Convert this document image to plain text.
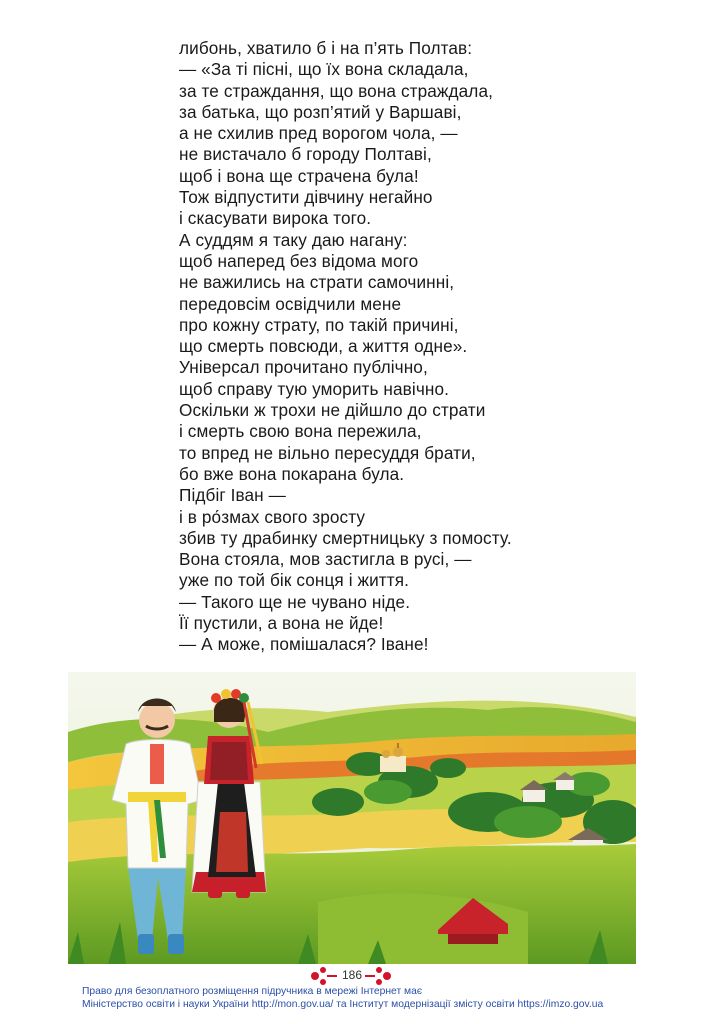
либонь, хватило б і на п’ять Полтав:
— «За ті пісні, що їх вона складала,
за те страждання, що вона страждала,
за батька, що розп’ятий у Варшаві,
а не схилив пред ворогом чола, —
не вистачало б городу Полтаві,
щоб і вона ще страчена була!
Тож відпустити дівчину негайно
і скасувати вирока того.
А суддям я таку даю нагану:
щоб наперед без відома мого
не важились на страти самочинні,
передовсім освідчили мене
про кожну страту, по такій причині,
що смерть повсюди, а життя одне».
Універсал прочитано публічно,
щоб справу тую уморить навічно.
Оскільки ж трохи не дійшло до страти
і смерть свою вона пережила,
то впред не вільно пересуддя брати,
бо вже вона покарана була.
Підбіг Іван —
і в ро́змах свого зросту
збив ту драбинку смертницьку з помосту.
Вона стояла, мов застигла в русі, —
уже по той бік сонця і життя.
— Такого ще не чувано ніде.
Її пустили, а вона не йде!
— А може, помішалася? Іване!
186
Право для безоплатного розміщення підручника в мережі Інтернет має
Міністерство освіти і науки України http://mon.gov.ua/ та Інститут модернізації змісту освіти https://imzo.gov.ua
